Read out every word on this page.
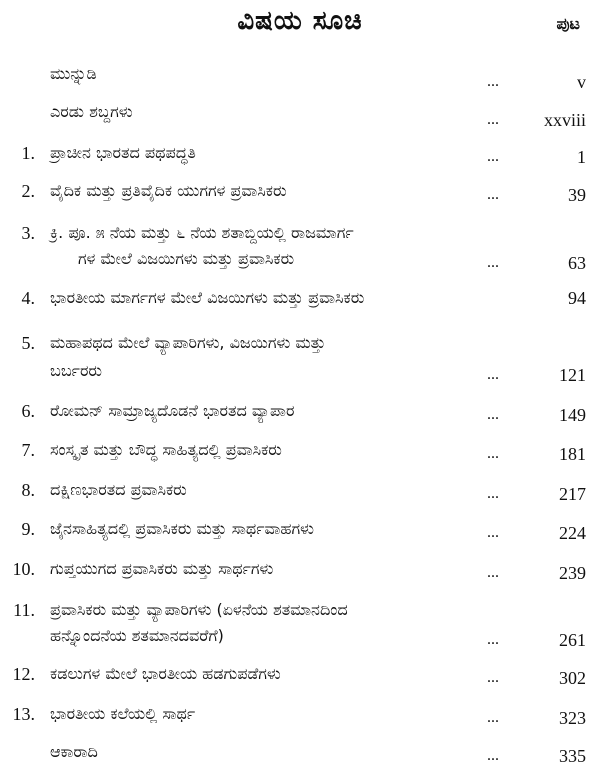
ವಿಷಯ ಸೂಚಿ	ಪುಟ
ಮುನ್ನುಡಿ	...	v
ಎರಡು ಶಬ್ದಗಳು	...	xxviii
1. ಪ್ರಾಚೀನ ಭಾರತದ ಪಥಪದ್ಧತಿ	...	1
2. ವೈದಿಕ ಮತ್ತು ಪ್ರತಿವೈದಿಕ ಯುಗಗಳ ಪ್ರವಾಸಿಕರು	...	39
3. ಕ್ರಿ. ಪೂ. ೫ ನೆಯ ಮತ್ತು ೬ ನೆಯ ಶತಾಬ್ದಿಯಲ್ಲಿ ರಾಜಮಾರ್ಗ
ಗಳ ಮೇಲೆ ವಿಜಯಿಗಳು ಮತ್ತು ಪ್ರವಾಸಿಕರು	...	63
4. ಭಾರತೀಯ ಮಾರ್ಗಗಳ ಮೇಲೆ ವಿಜಯಿಗಳು ಮತ್ತು ಪ್ರವಾಸಿಕರು	94
5. ಮಹಾಪಥದ ಮೇಲೆ ವ್ಯಾಪಾರಿಗಳು, ವಿಜಯಿಗಳು ಮತ್ತು
ಬರ್ಬರರು	...	121
6. ರೋಮನ್ ಸಾಮ್ರಾಜ್ಯದೊಡನೆ ಭಾರತದ ವ್ಯಾಪಾರ	...	149
7. ಸಂಸ್ಕೃತ ಮತ್ತು ಬೌದ್ಧ ಸಾಹಿತ್ಯದಲ್ಲಿ ಪ್ರವಾಸಿಕರು	...	181
8. ದಕ್ಷಿಣಭಾರತದ ಪ್ರವಾಸಿಕರು	...	217
9. ಜೈನಸಾಹಿತ್ಯದಲ್ಲಿ ಪ್ರವಾಸಿಕರು ಮತ್ತು ಸಾರ್ಥವಾಹಗಳು	...	224
10. ಗುಪ್ತಯುಗದ ಪ್ರವಾಸಿಕರು ಮತ್ತು ಸಾರ್ಥಗಳು	...	239
11. ಪ್ರವಾಸಿಕರು ಮತ್ತು ವ್ಯಾಪಾರಿಗಳು (ಏಳನೆಯ ಶತಮಾನದಿಂದ
ಹನ್ನೊಂದನೆಯ ಶತಮಾನದವರೆಗೆ)	...	261
12. ಕಡಲುಗಳ ಮೇಲೆ ಭಾರತೀಯ ಹಡಗುಪಡೆಗಳು	...	302
13. ಭಾರತೀಯ ಕಲೆಯಲ್ಲಿ ಸಾರ್ಥ	...	323
ಆಕಾರಾದಿ	...	335
